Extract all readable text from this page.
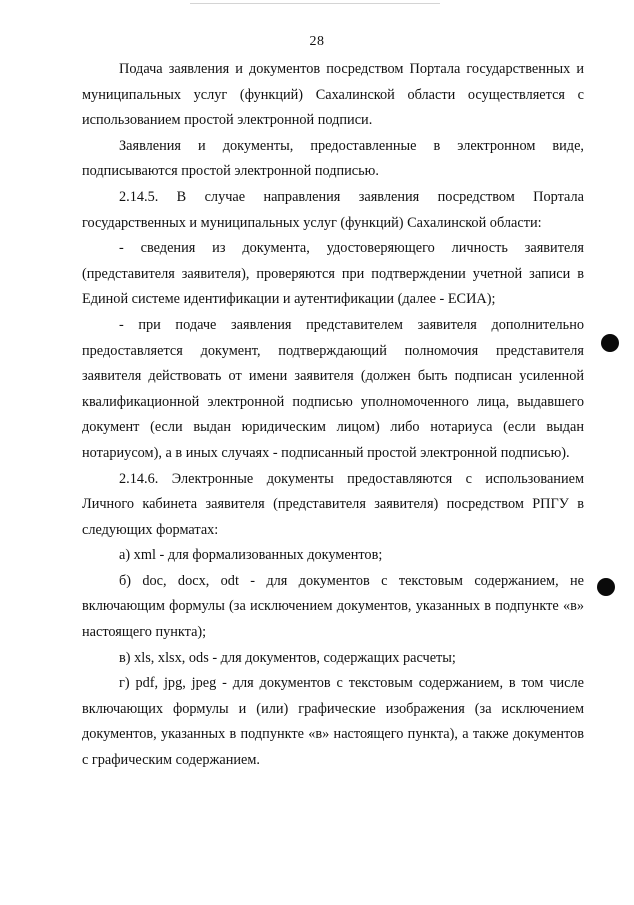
28

Подача заявления и документов посредством Портала государственных и муниципальных услуг (функций) Сахалинской области осуществляется с использованием простой электронной подписи.

Заявления и документы, предоставленные в электронном виде, подписываются простой электронной подписью.

2.14.5. В случае направления заявления посредством Портала государственных и муниципальных услуг (функций) Сахалинской области:

- сведения из документа, удостоверяющего личность заявителя (представителя заявителя), проверяются при подтверждении учетной записи в Единой системе идентификации и аутентификации (далее - ЕСИА);

- при подаче заявления представителем заявителя дополнительно предоставляется документ, подтверждающий полномочия представителя заявителя действовать от имени заявителя (должен быть подписан усиленной квалификационной электронной подписью уполномоченного лица, выдавшего документ (если выдан юридическим лицом) либо нотариуса (если выдан нотариусом), а в иных случаях - подписанный простой электронной подписью).

2.14.6. Электронные документы предоставляются с использованием Личного кабинета заявителя (представителя заявителя) посредством РПГУ в следующих форматах:

а) xml - для формализованных документов;

б) doc, docx, odt - для документов с текстовым содержанием, не включающим формулы (за исключением документов, указанных в подпункте «в» настоящего пункта);

в) xls, xlsx, ods - для документов, содержащих расчеты;

г) pdf, jpg, jpeg - для документов с текстовым содержанием, в том числе включающих формулы и (или) графические изображения (за исключением документов, указанных в подпункте «в» настоящего пункта), а также документов с графическим содержанием.
